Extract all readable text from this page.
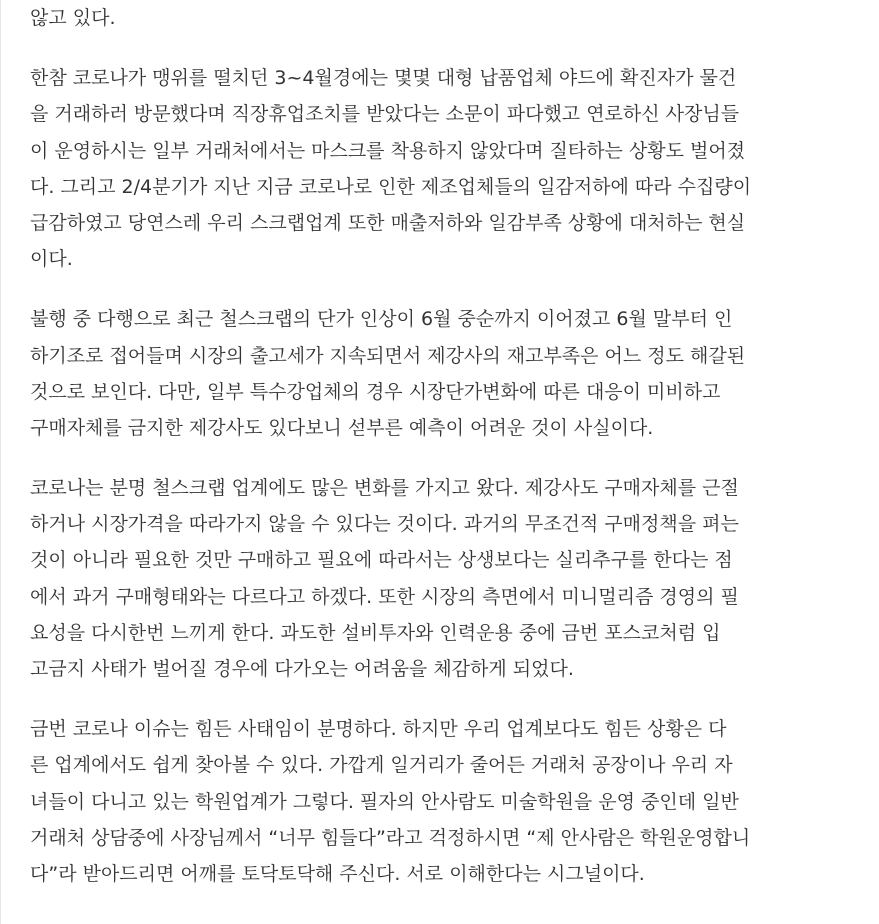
않고 있다.
한참 코로나가 맹위를 떨치던 3~4월경에는 몇몇 대형 납품업체 야드에 확진자가 물건
을 거래하러 방문했다며 직장휴업조치를 받았다는 소문이 파다했고 연로하신 사장님들
이 운영하시는 일부 거래처에서는 마스크를 착용하지 않았다며 질타하는 상황도 벌어졌
다. 그리고 2/4분기가 지난 지금 코로나로 인한 제조업체들의 일감저하에 따라 수집량이
급감하였고 당연스레 우리 스크랩업계 또한 매출저하와 일감부족 상황에 대처하는 현실
이다.
불행 중 다행으로 최근 철스크랩의 단가 인상이 6월 중순까지 이어졌고 6월 말부터 인
하기조로 접어들며 시장의 출고세가 지속되면서 제강사의 재고부족은 어느 정도 해갈된
것으로 보인다. 다만, 일부 특수강업체의 경우 시장단가변화에 따른 대응이 미비하고
구매자체를 금지한 제강사도 있다보니 섣부른 예측이 어려운 것이 사실이다.
코로나는 분명 철스크랩 업계에도 많은 변화를 가지고 왔다. 제강사도 구매자체를 근절
하거나 시장가격을 따라가지 않을 수 있다는 것이다. 과거의 무조건적 구매정책을 펴는
것이 아니라 필요한 것만 구매하고 필요에 따라서는 상생보다는 실리추구를 한다는 점
에서 과거 구매형태와는 다르다고 하겠다. 또한 시장의 측면에서 미니멀리즘 경영의 필
요성을 다시한번 느끼게 한다. 과도한 설비투자와 인력운용 중에 금번 포스코처럼 입
고금지 사태가 벌어질 경우에 다가오는 어려움을 체감하게 되었다.
금번 코로나 이슈는 힘든 사태임이 분명하다. 하지만 우리 업계보다도 힘든 상황은 다
른 업계에서도 쉽게 찾아볼 수 있다. 가깝게 일거리가 줄어든 거래처 공장이나 우리 자
녀들이 다니고 있는 학원업계가 그렇다. 필자의 안사람도 미술학원을 운영 중인데 일반
거래처 상담중에 사장님께서 “너무 힘들다”라고 걱정하시면 “제 안사람은 학원운영합니
다”라 받아드리면 어깨를 토닥토닥해 주신다. 서로 이해한다는 시그널이다.
